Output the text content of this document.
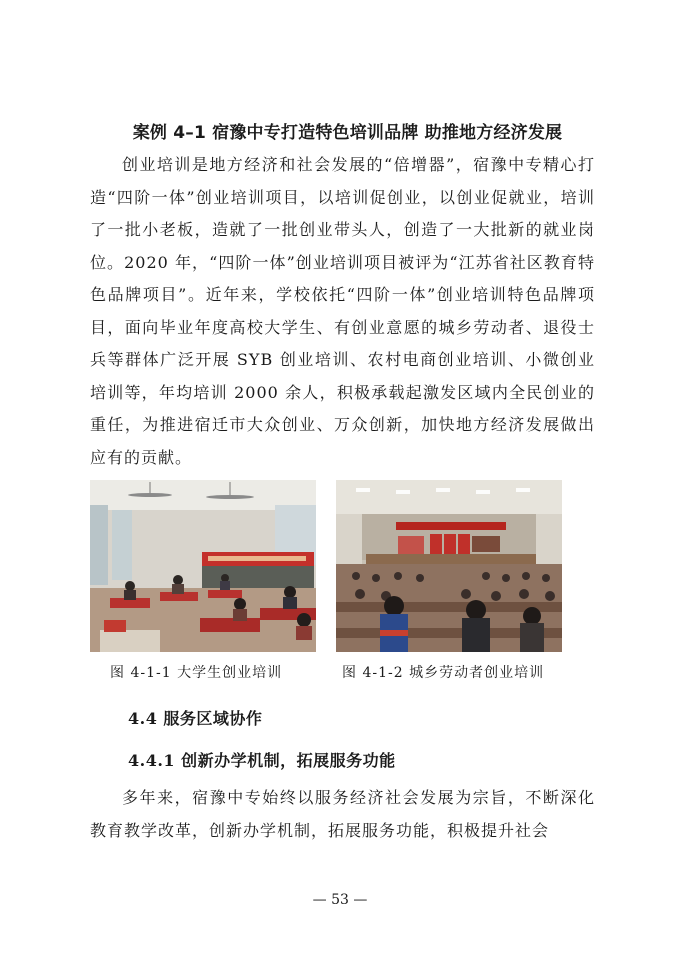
案例 4–1 宿豫中专打造特色培训品牌 助推地方经济发展

创业培训是地方经济和社会发展的“倍增器”，宿豫中专精心打造“四阶一体”创业培训项目，以培训促创业，以创业促就业，培训了一批小老板，造就了一批创业带头人，创造了一大批新的就业岗位。2020 年，“四阶一体”创业培训项目被评为“江苏省社区教育特色品牌项目”。近年来，学校依托“四阶一体”创业培训特色品牌项目，面向毕业年度高校大学生、有创业意愿的城乡劳动者、退役士兵等群体广泛开展 SYB 创业培训、农村电商创业培训、小微创业培训等，年均培训 2000 余人，积极承载起激发区域内全民创业的重任，为推进宿迁市大众创业、万众创新，加快地方经济发展做出应有的贡献。

图 4-1-1 大学生创业培训	图 4-1-2 城乡劳动者创业培训
4.4 服务区域协作
4.4.1 创新办学机制，拓展服务功能

多年来，宿豫中专始终以服务经济社会发展为宗旨，不断深化教育教学改革，创新办学机制，拓展服务功能，积极提升社会

— 53 —
